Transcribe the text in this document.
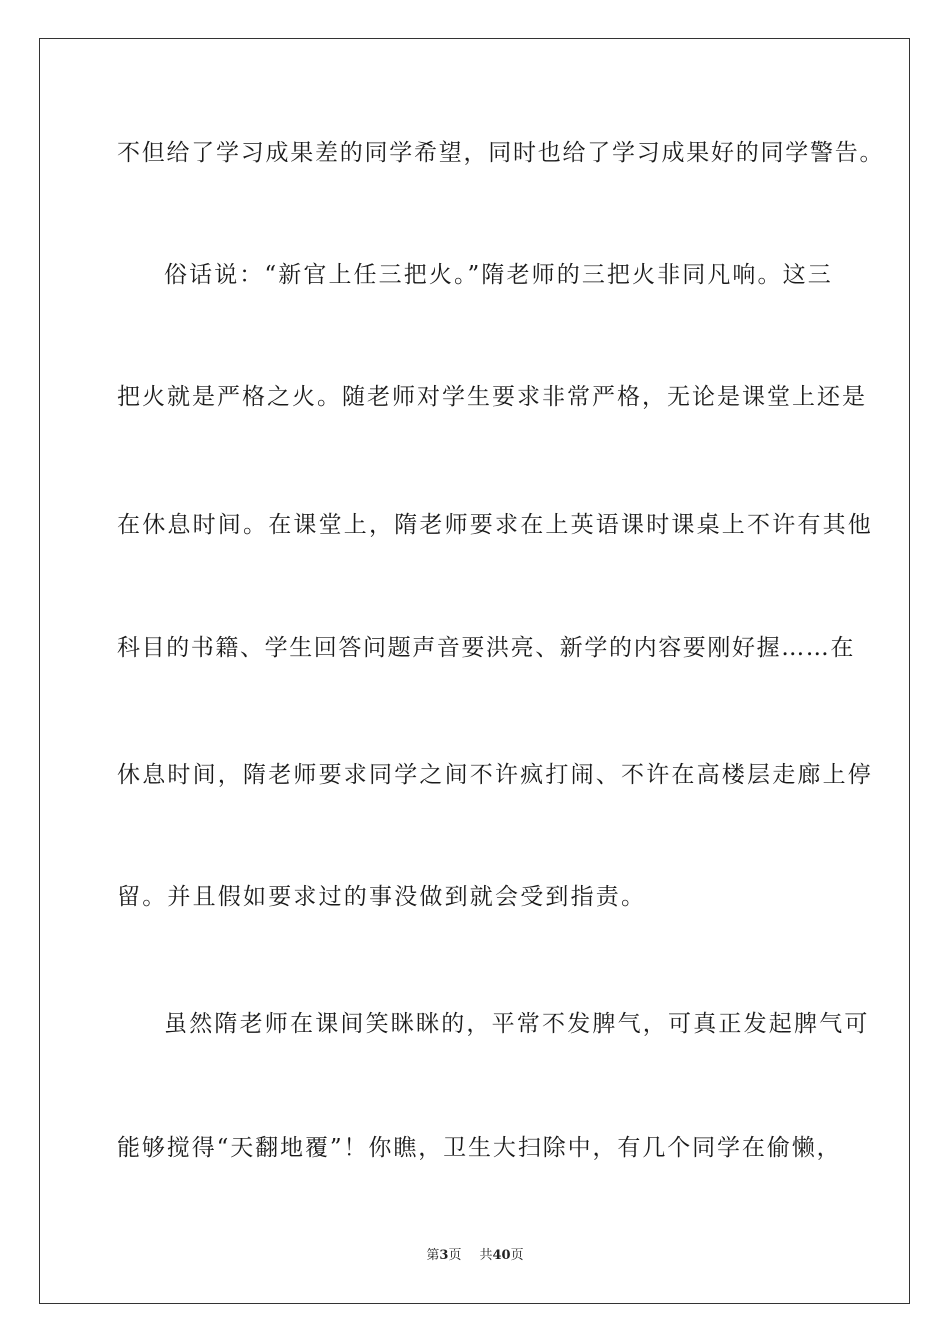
不但给了学习成果差的同学希望，同时也给了学习成果好的同学警告。
俗话说：“新官上任三把火。”隋老师的三把火非同凡响。这三
把火就是严格之火。随老师对学生要求非常严格，无论是课堂上还是
在休息时间。在课堂上，隋老师要求在上英语课时课桌上不许有其他
科目的书籍、学生回答问题声音要洪亮、新学的内容要刚好握……在
休息时间，隋老师要求同学之间不许疯打闹、不许在高楼层走廊上停
留。并且假如要求过的事没做到就会受到指责。
虽然隋老师在课间笑眯眯的，平常不发脾气，可真正发起脾气可
能够搅得“天翻地覆”！你瞧，卫生大扫除中，有几个同学在偷懒，
第3页 共40页
